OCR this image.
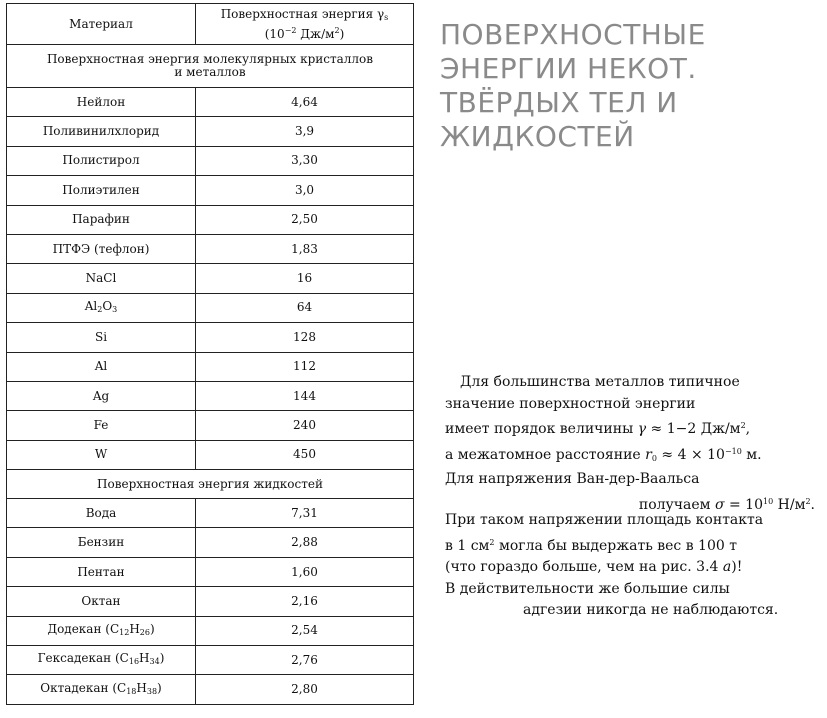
Материал	Поверхностная энергия $\gamma_s$
($10^{-2}$ $Дж/м^2$)
Поверхностная энергия молекулярных кристаллов
и металлов	
Нейлон	4,64
Поливинилхлорид	3,9
Полистирол	3,30
Полиэтилен	3,0
Парафин	2,50
ПТФЭ (тефлон)	1,83
NaCl	16
$Al_2O_3$	64
Si	128
Al	112
Ag	144
Fe	240
W	450
Поверхностная энергия жидкостей	
Вода	7,31
Бензин	2,88
Пентан	1,60
Октан	2,16
Додекан $(C_{12}H_{26})$	2,54
Гексадекан $(C_{16}H_{34})$	2,76
Октадекан $(C_{18}H_{38})$	2,80
ПОВЕРХНОСТНЫЕ
ЭНЕРГИИ НЕКОТ.
ТВЁРДЫХ ТЕЛ И
ЖИДКОСТЕЙ
Для большинства металлов типичное
значение поверхностной энергии
имеет порядок величины γ ≈ 1−2 $Дж/м^2$,
а межатомное расстояние $r_0 \approx 4 \times 10^{-10}$ м.
Для напряжения Ван-дер-Ваальса
получаем $\sigma = 10^{10}$ $Н/м^2$.
При таком напряжении площадь контакта
в 1 $см^2$ могла бы выдержать вес в 100 т
(что гораздо больше, чем на рис. 3.4 а)!
В действительности же большие силы
адгезии никогда не наблюдаются.
